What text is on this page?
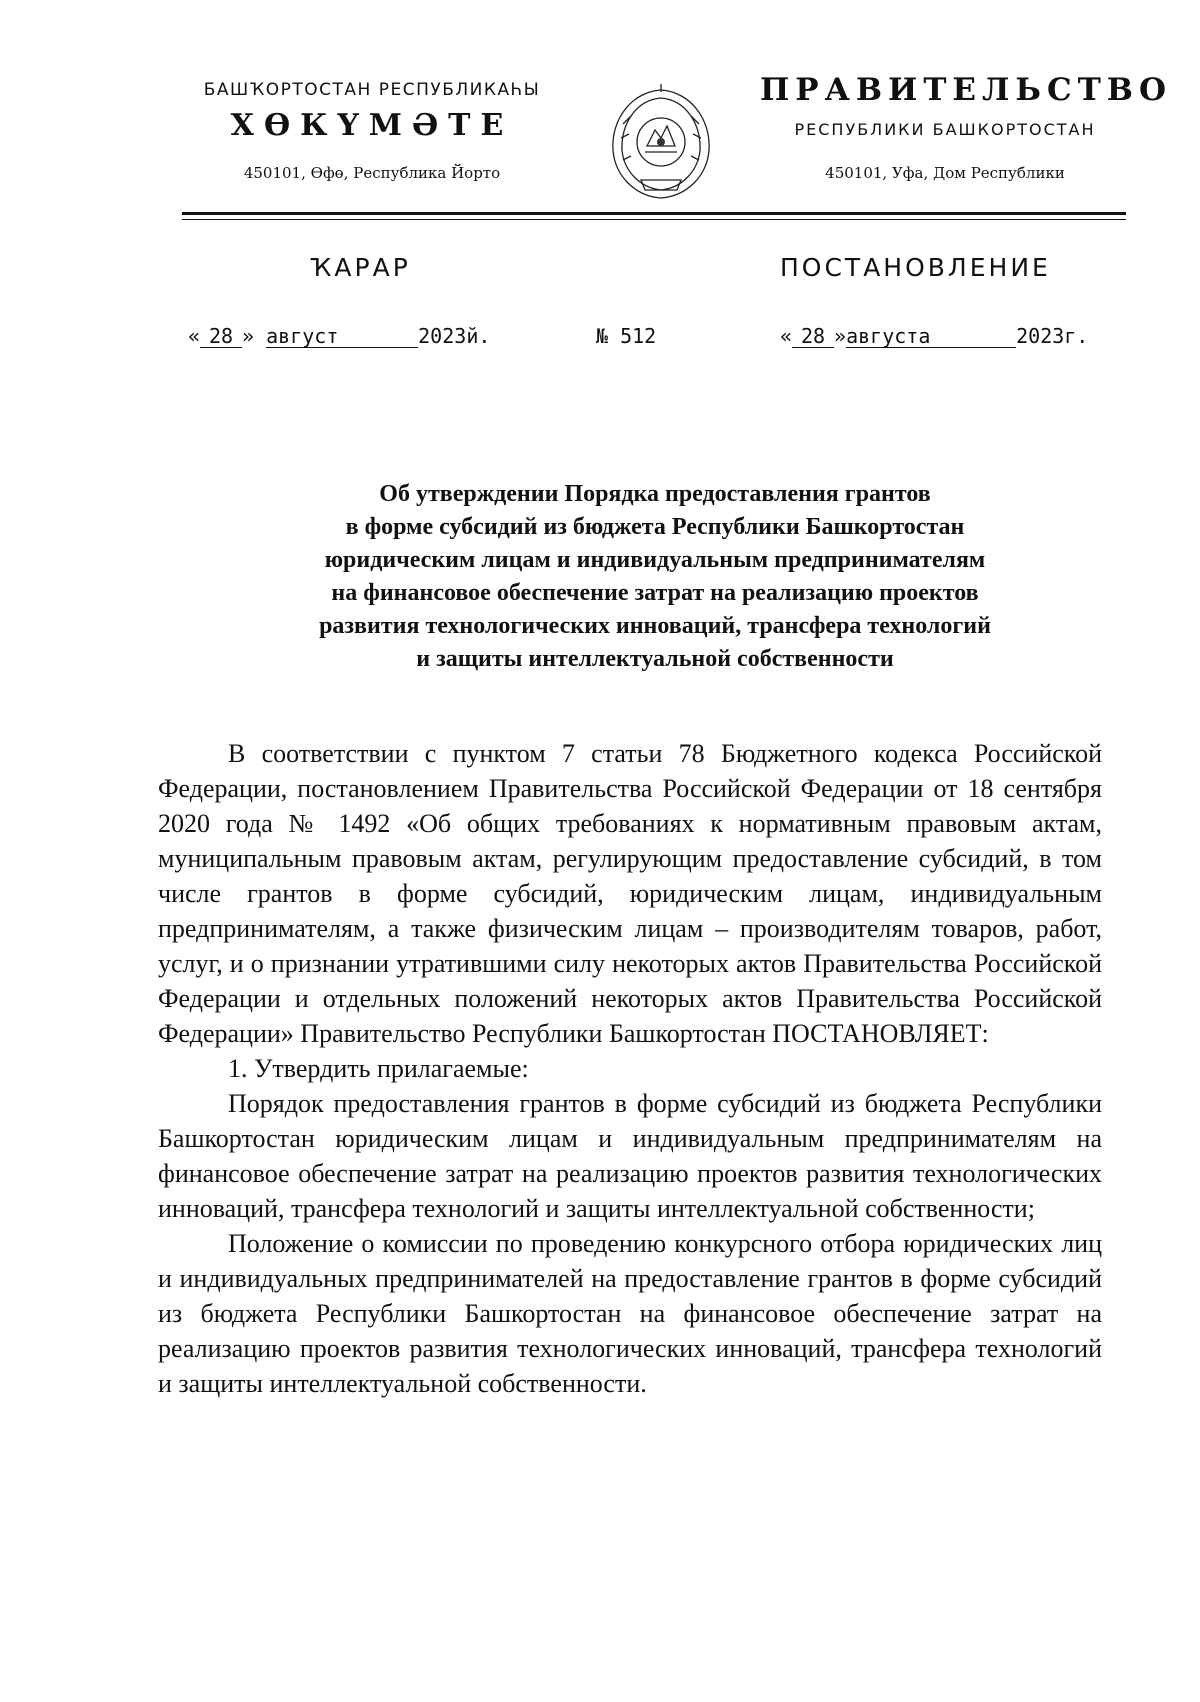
БАШҠОРТОСТАН РЕСПУБЛИКАҺЫ
ХӨКҮМӘТЕ
450101, Өфө, Республика Йорто
ПРАВИТЕЛЬСТВО
РЕСПУБЛИКИ БАШКОРТОСТАН
450101, Уфа, Дом Республики
ҠАРАР	ПОСТАНОВЛЕНИЕ
« 28 » август	2023й.	№ 512	« 28 »августа	2023г.
Об утверждении Порядка предоставления грантов
в форме субсидий из бюджета Республики Башкортостан
юридическим лицам и индивидуальным предпринимателям
на финансовое обеспечение затрат на реализацию проектов
развития технологических инноваций, трансфера технологий
и защиты интеллектуальной собственности

В соответствии с пунктом 7 статьи 78 Бюджетного кодекса Российской Федерации, постановлением Правительства Российской Федерации от 18 сентября 2020 года № 1492 «Об общих требованиях к нормативным правовым актам, муниципальным правовым актам, регулирующим предоставление субсидий, в том числе грантов в форме субсидий, юридическим лицам, индивидуальным предпринимателям, а также физическим лицам – производителям товаров, работ, услуг, и о признании утратившими силу некоторых актов Правительства Российской Федерации и отдельных положений некоторых актов Правительства Российской Федерации» Правительство Республики Башкортостан ПОСТАНОВЛЯЕТ:

1. Утвердить прилагаемые:

Порядок предоставления грантов в форме субсидий из бюджета Республики Башкортостан юридическим лицам и индивидуальным предпринимателям на финансовое обеспечение затрат на реализацию проектов развития технологических инноваций, трансфера технологий и защиты интеллектуальной собственности;

Положение о комиссии по проведению конкурсного отбора юридических лиц и индивидуальных предпринимателей на предоставление грантов в форме субсидий из бюджета Республики Башкортостан на финансовое обеспечение затрат на реализацию проектов развития технологических инноваций, трансфера технологий и защиты интеллектуальной собственности.
